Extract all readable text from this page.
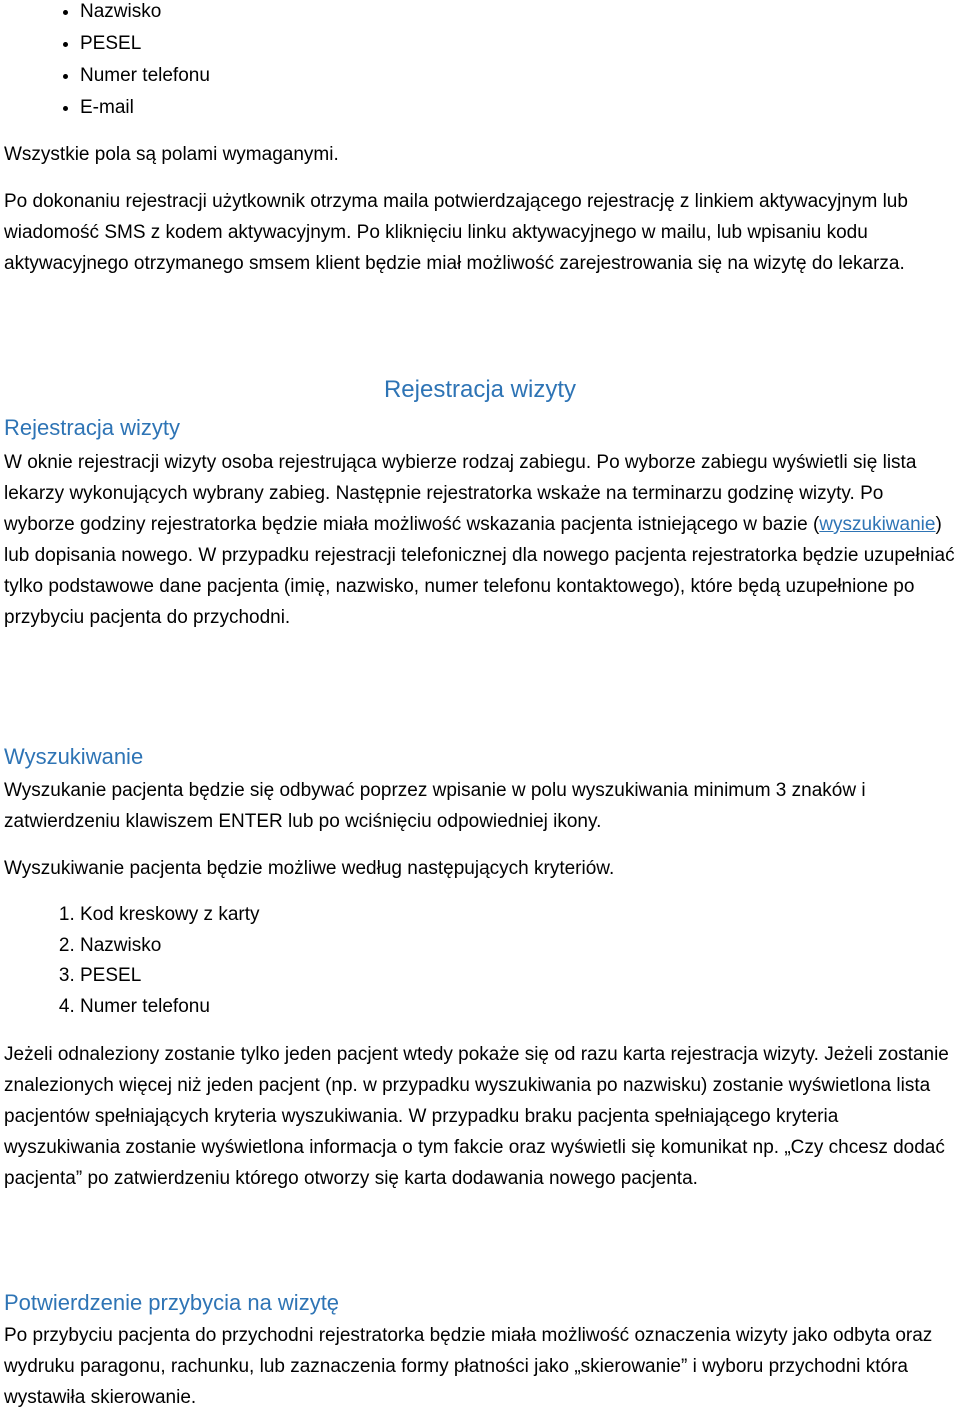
• Nazwisko
• PESEL
• Numer telefonu
• E-mail

Wszystkie pola są polami wymaganymi.

Po dokonaniu rejestracji użytkownik otrzyma maila potwierdzającego rejestrację z linkiem aktywacyjnym lub wiadomość SMS z kodem aktywacyjnym. Po kliknięciu linku aktywacyjnego w mailu, lub wpisaniu kodu aktywacyjnego otrzymanego smsem klient będzie miał możliwość zarejestrowania się na wizytę do lekarza.

Rejestracja wizyty
Rejestracja wizyty

W oknie rejestracji wizyty osoba rejestrująca wybierze rodzaj zabiegu. Po wyborze zabiegu wyświetli się lista lekarzy wykonujących wybrany zabieg. Następnie rejestratorka wskaże na terminarzu godzinę wizyty. Po wyborze godziny rejestratorka będzie miała możliwość wskazania pacjenta istniejącego w bazie (wyszukiwanie) lub dopisania nowego. W przypadku rejestracji telefonicznej dla nowego pacjenta rejestratorka będzie uzupełniać tylko podstawowe dane pacjenta (imię, nazwisko, numer telefonu kontaktowego), które będą uzupełnione po przybyciu pacjenta do przychodni.

Wyszukiwanie

Wyszukanie pacjenta będzie się odbywać poprzez wpisanie w polu wyszukiwania minimum 3 znaków i zatwierdzeniu klawiszem ENTER lub po wciśnięciu odpowiedniej ikony.

Wyszukiwanie pacjenta będzie możliwe według następujących kryteriów.

1. Kod kreskowy z karty
2. Nazwisko
3. PESEL
4. Numer telefonu

Jeżeli odnaleziony zostanie tylko jeden pacjent wtedy pokaże się od razu karta rejestracja wizyty. Jeżeli zostanie znalezionych więcej niż jeden pacjent (np. w przypadku wyszukiwania po nazwisku) zostanie wyświetlona lista pacjentów spełniających kryteria wyszukiwania. W przypadku braku pacjenta spełniającego kryteria wyszukiwania zostanie wyświetlona informacja o tym fakcie oraz wyświetli się komunikat np. „Czy chcesz dodać pacjenta” po zatwierdzeniu którego otworzy się karta dodawania nowego pacjenta.

Potwierdzenie przybycia na wizytę

Po przybyciu pacjenta do przychodni rejestratorka będzie miała możliwość oznaczenia wizyty jako odbyta oraz wydruku paragonu, rachunku, lub zaznaczenia formy płatności jako „skierowanie” i wyboru przychodni która wystawiła skierowanie.
